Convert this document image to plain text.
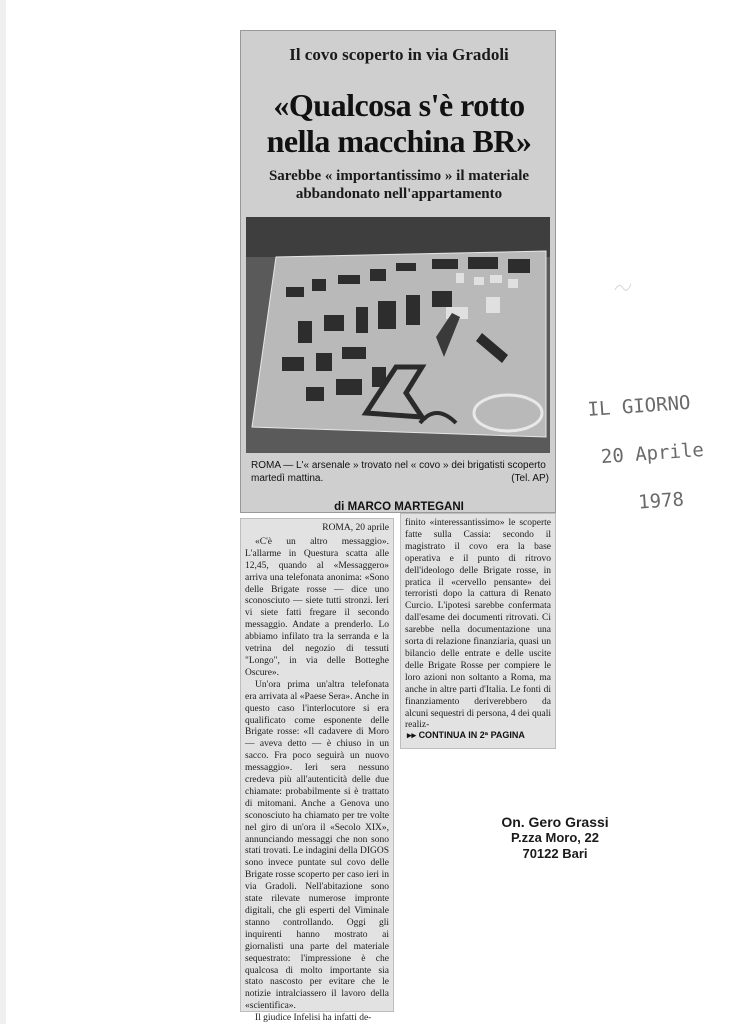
Il covo scoperto in via Gradoli
«Qualcosa s'è rotto nella macchina BR»
Sarebbe « importantissimo » il materiale abbandonato nell'appartamento
ROMA — L'« arsenale » trovato nel « covo » dei brigatisti scoperto martedì mattina.	(Tel. AP)
di MARCO MARTEGANI
ROMA, 20 aprile

«C'è un altro messaggio». L'allarme in Questura scatta alle 12,45, quando al «Messaggero» arriva una telefonata anonima: «Sono delle Brigate rosse — dice uno sconosciuto — siete tutti stronzi. Ieri vi siete fatti fregare il secondo messaggio. Andate a prenderlo. Lo abbiamo infilato tra la serranda e la vetrina del negozio di tessuti "Longo", in via delle Botteghe Oscure».

Un'ora prima un'altra telefonata era arrivata al «Paese Sera». Anche in questo caso l'interlocutore si era qualificato come esponente delle Brigate rosse: «Il cadavere di Moro — aveva detto — è chiuso in un sacco. Fra poco seguirà un nuovo messaggio». Ieri sera nessuno credeva più all'autenticità delle due chiamate: probabilmente si è trattato di mitomani. Anche a Genova uno sconosciuto ha chiamato per tre volte nel giro di un'ora il «Secolo XIX», annunciando messaggi che non sono stati trovati. Le indagini della DIGOS sono invece puntate sul covo delle Brigate rosse scoperto per caso ieri in via Gradoli. Nell'abitazione sono state rilevate numerose impronte digitali, che gli esperti del Viminale stanno controllando. Oggi gli inquirenti hanno mostrato ai giornalisti una parte del materiale sequestrato: l'impressione è che qualcosa di molto importante sia stato nascosto per evitare che le notizie intralciassero il lavoro della «scientifica».

Il giudice Infelisi ha infatti de-

finito «interessantissimo» le scoperte fatte sulla Cassia: secondo il magistrato il covo era la base operativa e il punto di ritrovo dell'ideologo delle Brigate rosse, in pratica il «cervello pensante» dei terroristi dopo la cattura di Renato Curcio. L'ipotesi sarebbe confermata dall'esame dei documenti ritrovati. Ci sarebbe nella documentazione una sorta di relazione finanziaria, quasi un bilancio delle entrate e delle uscite delle Brigate Rosse per compiere le loro azioni non soltanto a Roma, ma anche in altre parti d'Italia. Le fonti di finanziamento deriverebbero da alcuni sequestri di persona, 4 dei quali realiz-

▸▸ CONTINUA IN 2ª PAGINA
IL GIORNO
20 Aprile
1978
On. Gero Grassi
P.zza Moro, 22
70122 Bari
